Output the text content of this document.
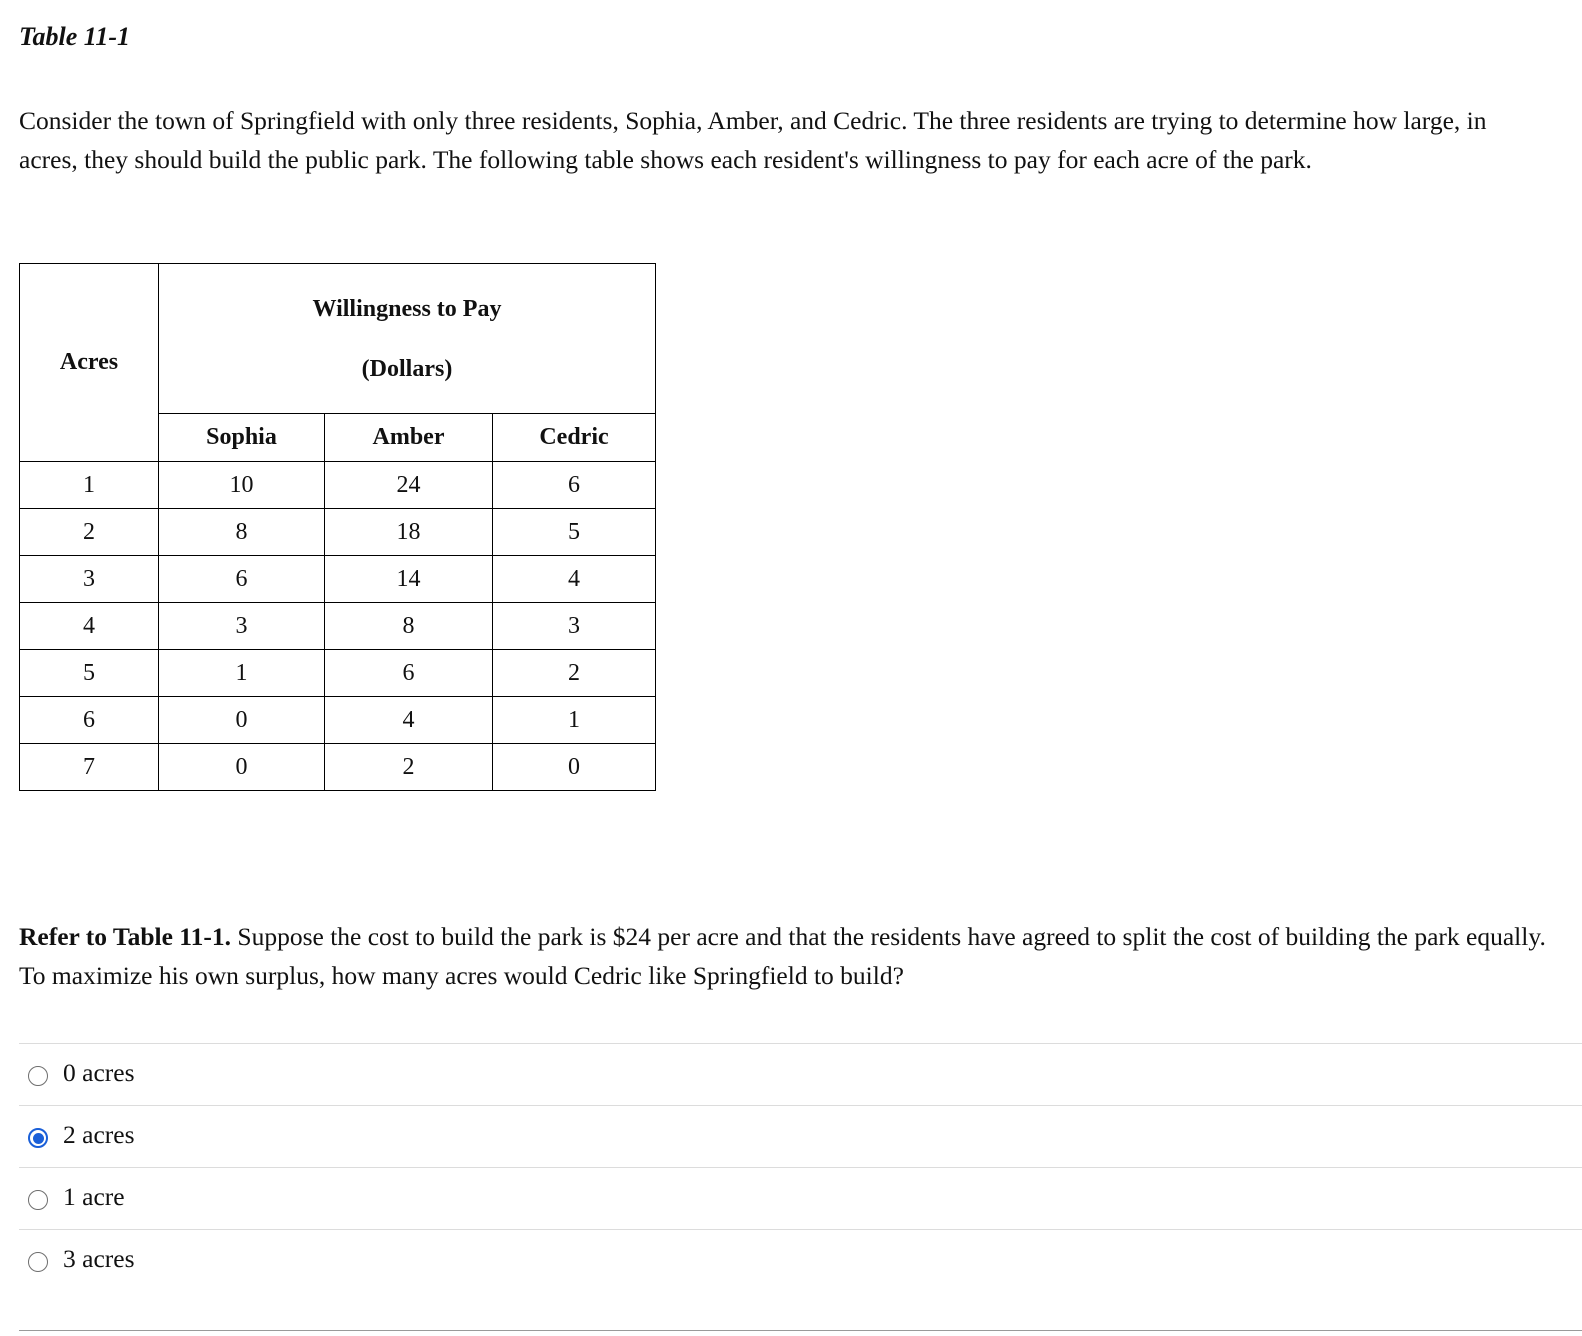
Table 11-1

Consider the town of Springfield with only three residents, Sophia, Amber, and Cedric. The three residents are trying to determine how large, in acres, they should build the public park. The following table shows each resident's willingness to pay for each acre of the park.

Acres	Willingness to Pay
(Dollars)		

	Sophia	Amber	Cedric
1	10	24	6
2	8	18	5
3	6	14	4
4	3	8	3
5	1	6	2
6	0	4	1
7	0	2	0

Refer to Table 11-1. Suppose the cost to build the park is $24 per acre and that the residents have agreed to split the cost of building the park equally. To maximize his own surplus, how many acres would Cedric like Springfield to build?

0 acres
2 acres
1 acre
3 acres
